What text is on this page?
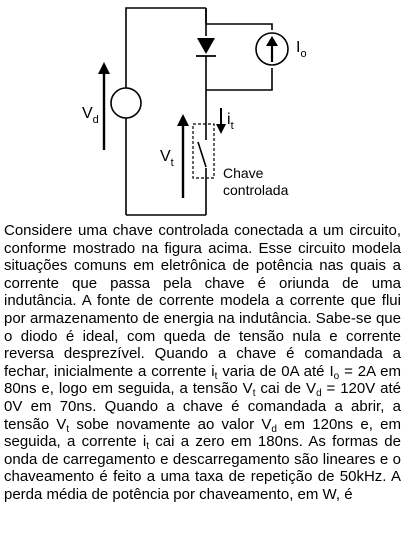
$V_d$
$V_t$
$I_o$
$i_t$
Chave
controlada

Considere uma chave controlada conectada a um circuito, conforme mostrado na figura acima. Esse circuito modela situações comuns em eletrônica de potência nas quais a corrente que passa pela chave é oriunda de uma indutância. A fonte de corrente modela a corrente que flui por armazenamento de energia na indutância. Sabe-se que o diodo é ideal, com queda de tensão nula e corrente reversa desprezível. Quando a chave é comandada a fechar, inicialmente a corrente $i_t$ varia de 0A até $I_o = 2A$ em 80ns e, logo em seguida, a tensão $V_t$ cai de $V_d = 120V$ até 0V em 70ns. Quando a chave é comandada a abrir, a tensão $V_t$ sobe novamente ao valor $V_d$ em 120ns e, em seguida, a corrente $i_t$ cai a zero em 180ns. As formas de onda de carregamento e descarregamento são lineares e o chaveamento é feito a uma taxa de repetição de 50kHz. A perda média de potência por chaveamento, em W, é
